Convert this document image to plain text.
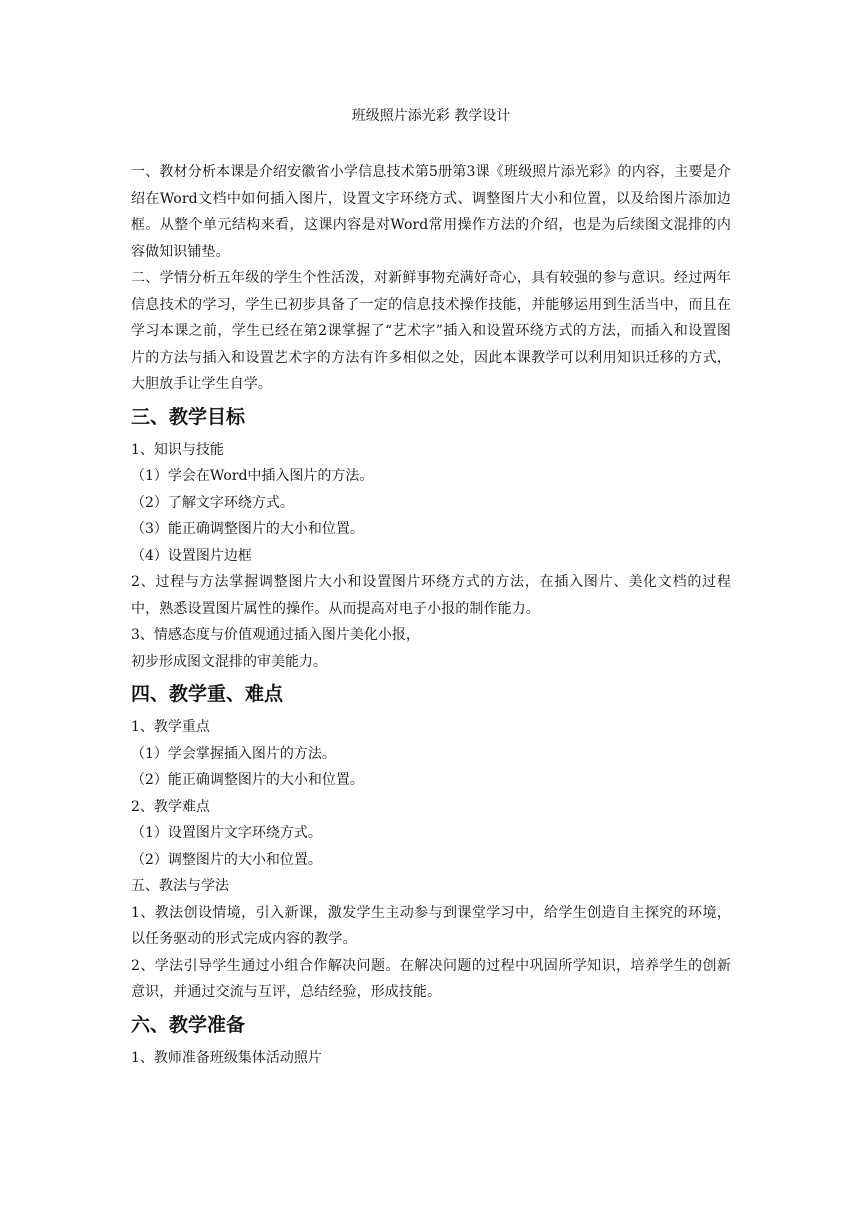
班级照片添光彩 教学设计

一、教材分析本课是介绍安徽省小学信息技术第5册第3课《班级照片添光彩》的内容，主要是介绍在Word文档中如何插入图片，设置文字环绕方式、调整图片大小和位置，以及给图片添加边框。从整个单元结构来看，这课内容是对Word常用操作方法的介绍，也是为后续图文混排的内容做知识铺垫。

二、学情分析五年级的学生个性活泼，对新鲜事物充满好奇心，具有较强的参与意识。经过两年信息技术的学习，学生已初步具备了一定的信息技术操作技能，并能够运用到生活当中，而且在学习本课之前，学生已经在第2课掌握了“艺术字”插入和设置环绕方式的方法，而插入和设置图片的方法与插入和设置艺术字的方法有许多相似之处，因此本课教学可以利用知识迁移的方式，大胆放手让学生自学。

三、教学目标

1、知识与技能

（1）学会在Word中插入图片的方法。

（2）了解文字环绕方式。

（3）能正确调整图片的大小和位置。

（4）设置图片边框

2、过程与方法掌握调整图片大小和设置图片环绕方式的方法，在插入图片、美化文档的过程中，熟悉设置图片属性的操作。从而提高对电子小报的制作能力。

3、情感态度与价值观通过插入图片美化小报，

初步形成图文混排的审美能力。

四、教学重、难点

1、教学重点

（1）学会掌握插入图片的方法。

（2）能正确调整图片的大小和位置。

2、教学难点

（1）设置图片文字环绕方式。

（2）调整图片的大小和位置。

五、教法与学法

1、教法创设情境，引入新课，激发学生主动参与到课堂学习中，给学生创造自主探究的环境，以任务驱动的形式完成内容的教学。

2、学法引导学生通过小组合作解决问题。在解决问题的过程中巩固所学知识，培养学生的创新意识，并通过交流与互评，总结经验，形成技能。

六、教学准备

1、教师准备班级集体活动照片
